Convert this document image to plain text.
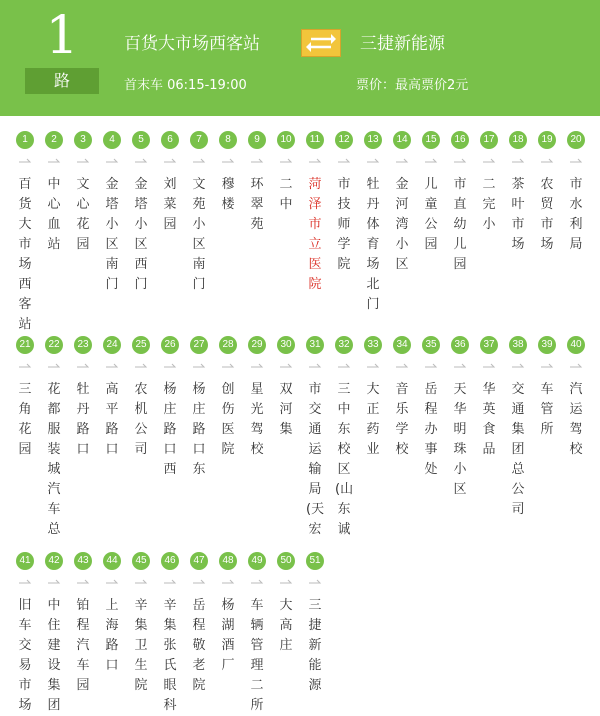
1
路
百货大市场西客站	三捷新能源
首末车 06:15-19:00	票价：最高票价2元
1
百货大市场西客站
2
中心血站
3
文心花园
4
金塔小区南门
5
金塔小区西门
6
刘菜园
7
文苑小区南门
8
穆楼
9
环翠苑
10
二中
11
菏泽市立医院
12
市技师学院
13
牡丹体育场北门
14
金河湾小区
15
儿童公园
16
市直幼儿园
17
二完小
18
茶叶市场
19
农贸市场
20
市水利局
21
三角花园
22
花都服装城汽车总
23
牡丹路口
24
高平路口
25
农机公司
26
杨庄路口西
27
杨庄路口东
28
创伤医院
29
星光驾校
30
双河集
31
市交通运输局(天宏
32
三中东校区(山东诚
33
大正药业
34
音乐学校
35
岳程办事处
36
天华明珠小区
37
华英食品
38
交通集团总公司
39
车管所
40
汽运驾校
41
旧车交易市场
42
中住建设集团
43
铂程汽车园
44
上海路口
45
辛集卫生院
46
辛集张氏眼科
47
岳程敬老院
48
杨湖酒厂
49
车辆管理二所
50
大高庄
51
三捷新能源
